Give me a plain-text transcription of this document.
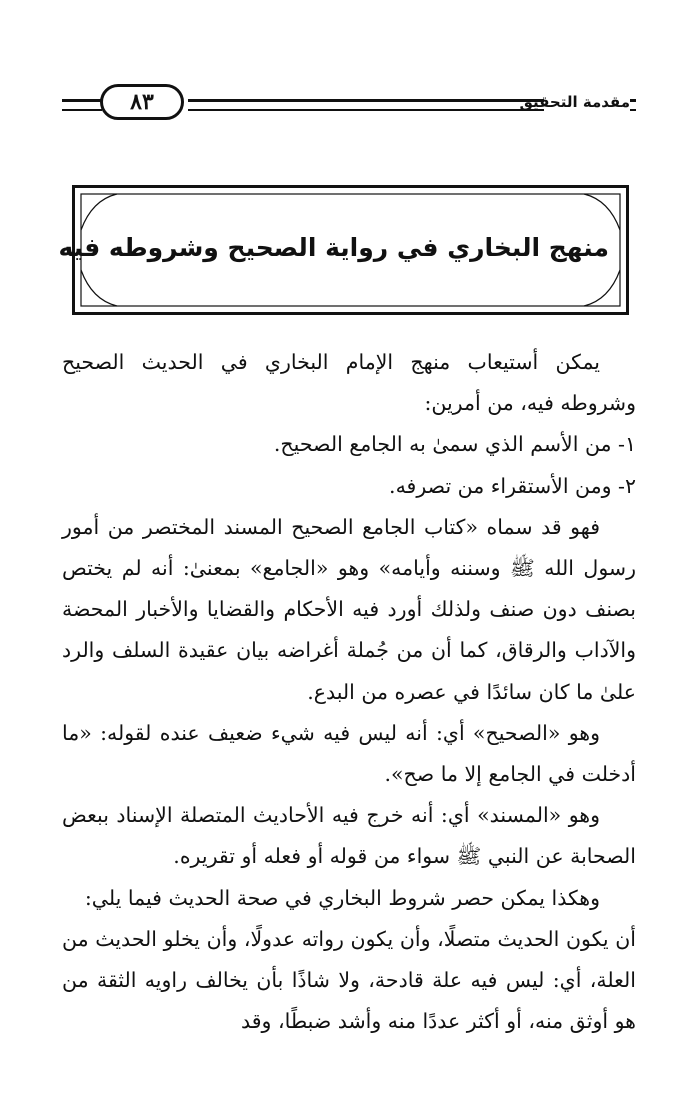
٨٣	مقدمة التحقيق
منهج البخاري في رواية الصحيح وشروطه فيه

يمكن أستيعاب منهج الإمام البخاري في الحديث الصحيح وشروطه فيه، من أمرين:

١- من الأسم الذي سمىٰ به الجامع الصحيح.

٢- ومن الأستقراء من تصرفه.

فهو قد سماه «كتاب الجامع الصحيح المسند المختصر من أمور رسول الله ﷺ وسننه وأيامه» وهو «الجامع» بمعنىٰ: أنه لم يختص بصنف دون صنف ولذلك أورد فيه الأحكام والقضايا والأخبار المحضة والآداب والرقاق، كما أن من جُملة أغراضه بيان عقيدة السلف والرد علىٰ ما كان سائدًا في عصره من البدع.

وهو «الصحيح» أي: أنه ليس فيه شيء ضعيف عنده لقوله: «ما أدخلت في الجامع إلا ما صح».

وهو «المسند» أي: أنه خرج فيه الأحاديث المتصلة الإسناد ببعض الصحابة عن النبي ﷺ سواء من قوله أو فعله أو تقريره.

وهكذا يمكن حصر شروط البخاري في صحة الحديث فيما يلي:

أن يكون الحديث متصلًا، وأن يكون رواته عدولًا، وأن يخلو الحديث من العلة، أي: ليس فيه علة قادحة، ولا شاذًا بأن يخالف راويه الثقة من هو أوثق منه، أو أكثر عددًا منه وأشد ضبطًا، وقد
